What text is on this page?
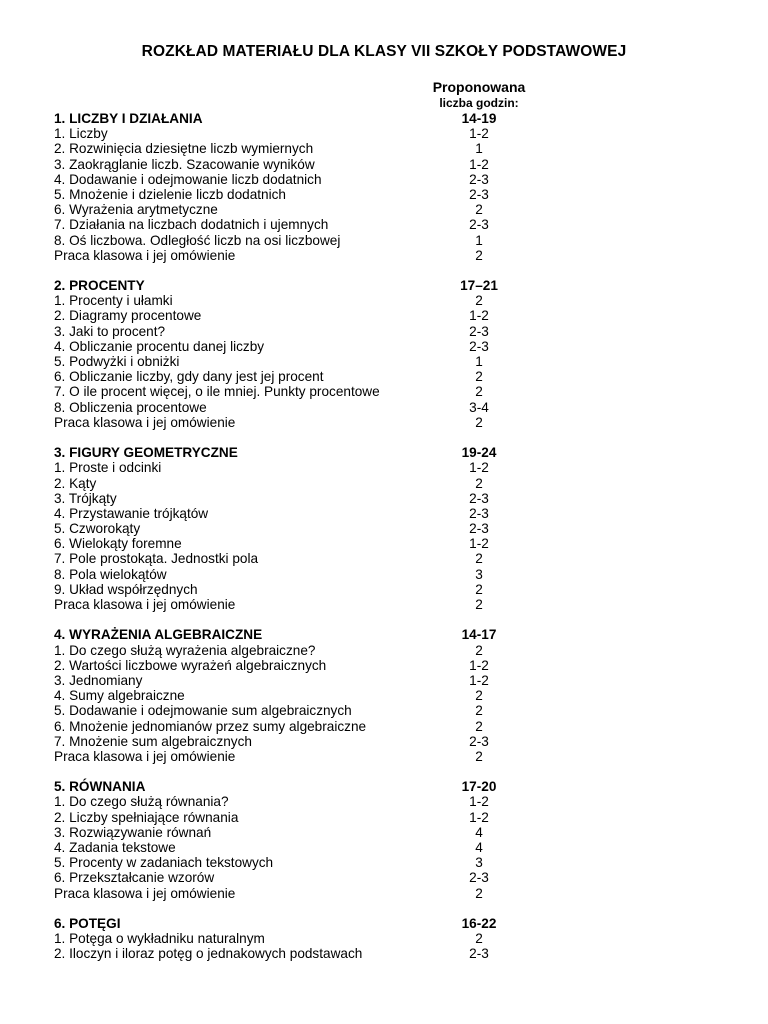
ROZKŁAD MATERIAŁU DLA KLASY VII SZKOŁY PODSTAWOWEJ
Proponowana
liczba godzin:
1. LICZBY I DZIAŁANIA	14-19
1. Liczby	1-2
2. Rozwinięcia dziesiętne liczb wymiernych	1
3. Zaokrąglanie liczb. Szacowanie wyników	1-2
4. Dodawanie i odejmowanie liczb dodatnich	2-3
5. Mnożenie i dzielenie liczb dodatnich	2-3
6. Wyrażenia arytmetyczne	2
7. Działania na liczbach dodatnich i ujemnych	2-3
8. Oś liczbowa. Odległość liczb na osi liczbowej	1
Praca klasowa i jej omówienie	2
2. PROCENTY	17–21
1. Procenty i ułamki	2
2. Diagramy procentowe	1-2
3. Jaki to procent?	2-3
4. Obliczanie procentu danej liczby	2-3
5. Podwyżki i obniżki	1
6. Obliczanie liczby, gdy dany jest jej procent	2
7. O ile procent więcej, o ile mniej. Punkty procentowe	2
8. Obliczenia procentowe	3-4
Praca klasowa i jej omówienie	2
3. FIGURY GEOMETRYCZNE	19-24
1. Proste i odcinki	1-2
2. Kąty	2
3. Trójkąty	2-3
4. Przystawanie trójkątów	2-3
5. Czworokąty	2-3
6. Wielokąty foremne	1-2
7. Pole prostokąta. Jednostki pola	2
8. Pola wielokątów	3
9. Układ współrzędnych	2
Praca klasowa i jej omówienie	2
4. WYRAŻENIA ALGEBRAICZNE	14-17
1. Do czego służą wyrażenia algebraiczne?	2
2. Wartości liczbowe wyrażeń algebraicznych	1-2
3. Jednomiany	1-2
4. Sumy algebraiczne	2
5. Dodawanie i odejmowanie sum algebraicznych	2
6. Mnożenie jednomianów przez sumy algebraiczne	2
7. Mnożenie sum algebraicznych	2-3
Praca klasowa i jej omówienie	2
5. RÓWNANIA	17-20
1. Do czego służą równania?	1-2
2. Liczby spełniające równania	1-2
3. Rozwiązywanie równań	4
4. Zadania tekstowe	4
5. Procenty w zadaniach tekstowych	3
6. Przekształcanie wzorów	2-3
Praca klasowa i jej omówienie	2
6. POTĘGI	16-22
1. Potęga o wykładniku naturalnym	2
2. Iloczyn i iloraz potęg o jednakowych podstawach	2-3
